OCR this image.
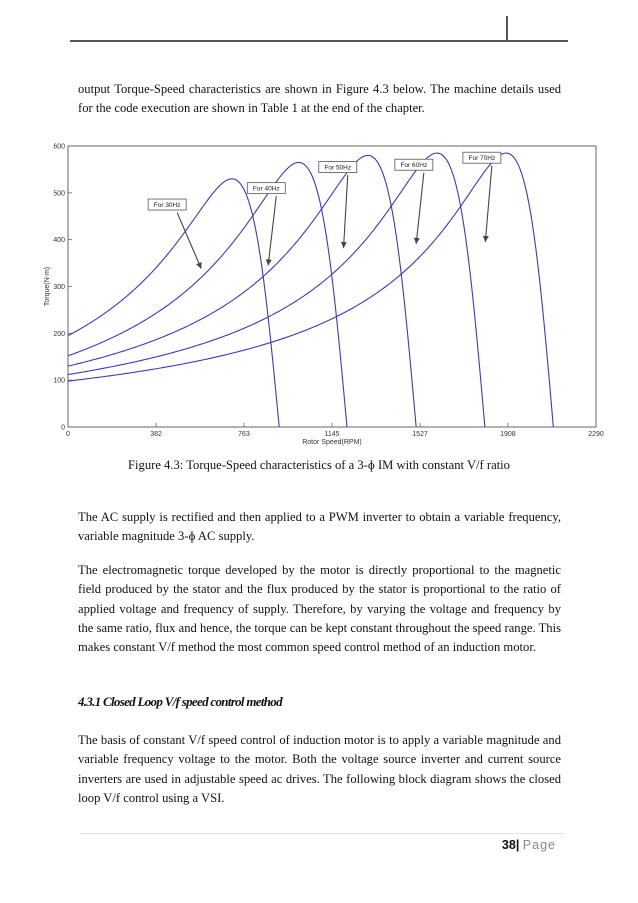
output Torque-Speed characteristics are shown in Figure 4.3 below. The machine details used for the code execution are shown in Table 1 at the end of the chapter.

0	382	763	1145	1527	1908	2290
0
100
200
300
400
500
600
For 30Hz
For 40Hz
For 50Hz	For 60Hz
For 70Hz
Rotor Speed(RPM)
Torque(N-m)

Figure 4.3: Torque-Speed characteristics of a 3-ɸ IM with constant V/f ratio

The AC supply is rectified and then applied to a PWM inverter to obtain a variable frequency, variable magnitude 3-ɸ AC supply.

The electromagnetic torque developed by the motor is directly proportional to the magnetic field produced by the stator and the flux produced by the stator is proportional to the ratio of applied voltage and frequency of supply. Therefore, by varying the voltage and frequency by the same ratio, flux and hence, the torque can be kept constant throughout the speed range. This makes constant V/f method the most common speed control method of an induction motor.

4.3.1 Closed Loop V/f speed control method

The basis of constant V/f speed control of induction motor is to apply a variable magnitude and variable frequency voltage to the motor. Both the voltage source inverter and current source inverters are used in adjustable speed ac drives. The following block diagram shows the closed loop V/f control using a VSI.

38| Page
